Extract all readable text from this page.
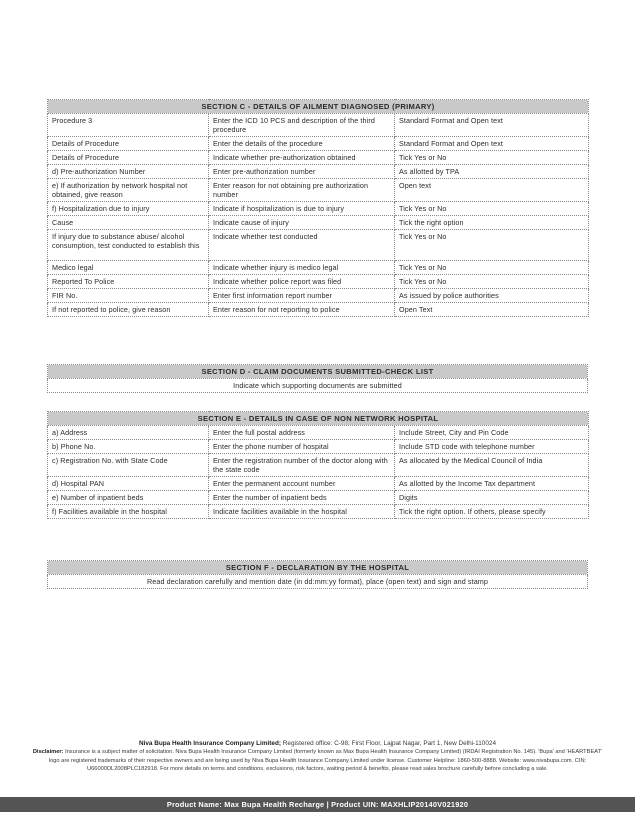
SECTION C - DETAILS OF AILMENT DIAGNOSED (PRIMARY)		
Procedure 3	Enter the ICD 10 PCS and description of the third procedure	Standard Format and Open text
Details of Procedure	Enter the details of the procedure	Standard Format and Open text
Details of Procedure	Indicate whether pre-authorization obtained	Tick Yes or No
d) Pre-authorization Number	Enter pre-authorization number	As allotted by TPA
e) If authorization by network hospital not obtained, give reason	Enter reason for not obtaining pre authorization number	Open text
f) Hospitalization due to injury	Indicate if hospitalization is due to injury	Tick Yes or No
Cause	Indicate cause of injury	Tick the right option
If injury due to substance abuse/ alcohol consumption, test conducted to establish this	Indicate whether test conducted	Tick Yes or No
Medico legal	Indicate whether injury is medico legal	Tick Yes or No
Reported To Police	Indicate whether police report was filed	Tick Yes or No
FIR No.	Enter first information report number	As issued by police authorities
If not reported to police, give reason	Enter reason for not reporting to police	Open Text
SECTION D - CLAIM DOCUMENTS SUBMITTED-CHECK LIST
Indicate which supporting documents are submitted
SECTION E - DETAILS IN CASE OF NON NETWORK HOSPITAL		
a) Address	Enter the full postal address	Include Street, City and Pin Code
b) Phone No.	Enter the phone number of hospital	Include STD code with telephone number
c) Registration No. with State Code	Enter the registration number of the doctor along with the state code	As allocated by the Medical Council of India
d) Hospital PAN	Enter the permanent account number	As allotted by the Income Tax department
e) Number of inpatient beds	Enter the number of inpatient beds	Digits
f) Facilities available in the hospital	Indicate facilities available in the hospital	Tick the right option. If others, please specify
SECTION F - DECLARATION BY THE HOSPITAL
Read declaration carefully and mention date (in dd:mm:yy format), place (open text) and sign and stamp
Niva Bupa Health Insurance Company Limited; Registered office: C-98, First Floor, Lajpat Nagar, Part 1, New Delhi-110024
Disclaimer: Insurance is a subject matter of solicitation. Niva Bupa Health Insurance Company Limited (formerly known as Max Bupa Health Insurance Company Limited) (IRDAI Registration No. 145). 'Bupa' and 'HEARTBEAT' logo are registered trademarks of their respective owners and are being used by Niva Bupa Health Insurance Company Limited under license. Customer Helpline: 1860-500-8888. Website: www.nivabupa.com. CIN: U66000DL2008PLC182918. For more details on terms and conditions, exclusions, risk factors, waiting period & benefits, please read sales brochure carefully before concluding a sale.
Product Name: Max Bupa Health Recharge | Product UIN: MAXHLIP20140V021920
